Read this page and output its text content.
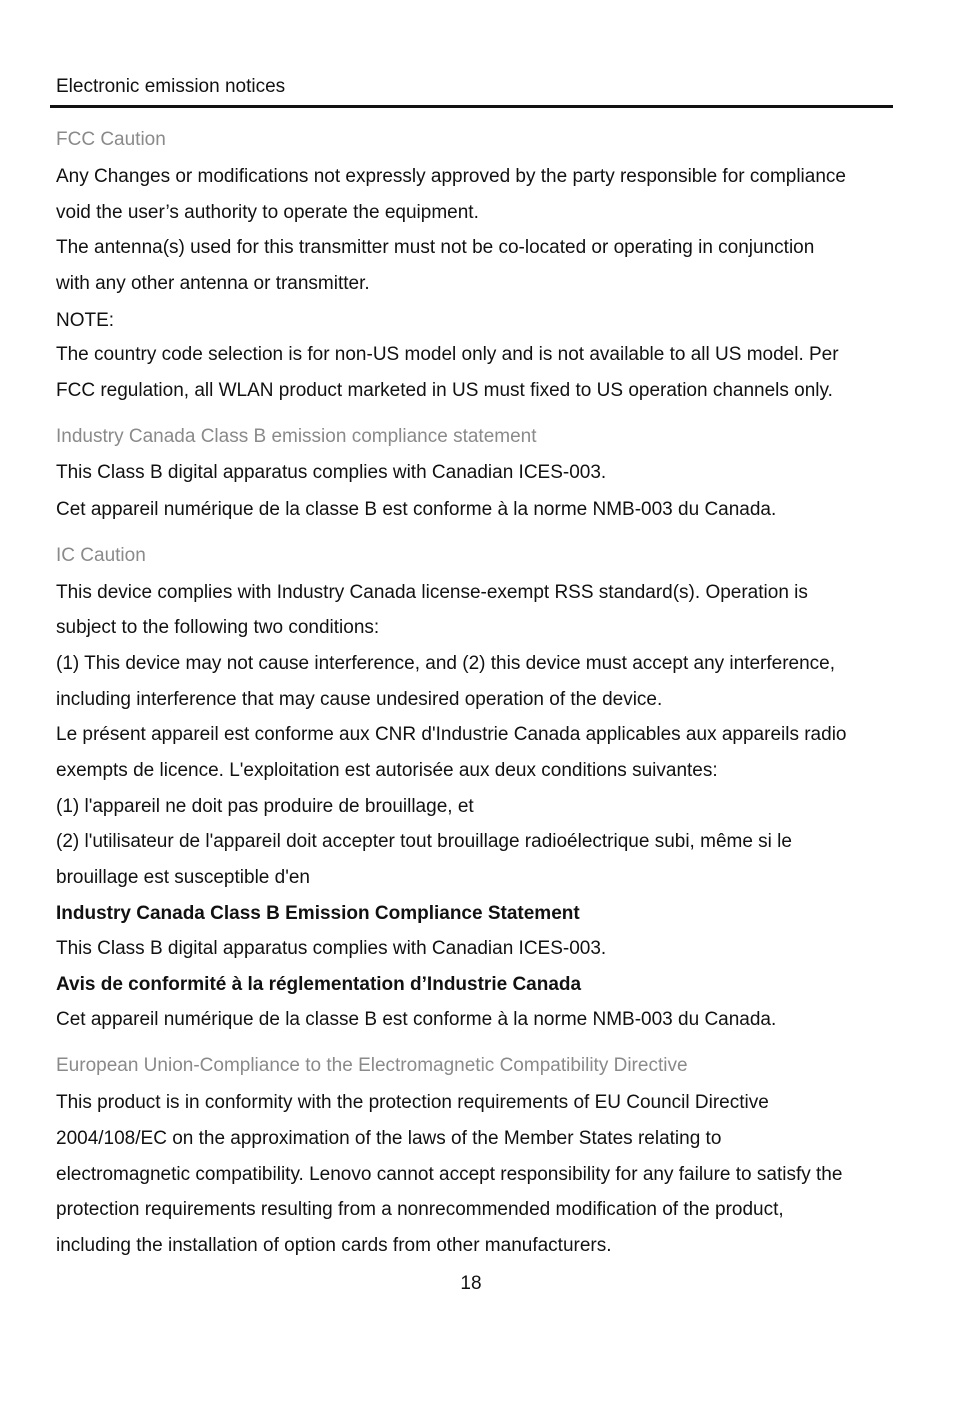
Electronic emission notices
FCC Caution
Any Changes or modifications not expressly approved by the party responsible for compliance
void the user’s authority to operate the equipment.
The antenna(s) used for this transmitter must not be co-located or operating in conjunction
with any other antenna or transmitter.
NOTE:
The country code selection is for non-US model only and is not available to all US model. Per
FCC regulation, all WLAN product marketed in US must fixed to US operation channels only.
Industry Canada Class B emission compliance statement
This Class B digital apparatus complies with Canadian ICES-003.
Cet appareil numérique de la classe B est conforme à la norme NMB-003 du Canada.
IC Caution
This device complies with Industry Canada license-exempt RSS standard(s). Operation is
subject to the following two conditions:
(1) This device may not cause interference, and (2) this device must accept any interference,
including interference that may cause undesired operation of the device.
Le présent appareil est conforme aux CNR d'Industrie Canada applicables aux appareils radio
exempts de licence. L'exploitation est autorisée aux deux conditions suivantes:
(1) l'appareil ne doit pas produire de brouillage, et
(2) l'utilisateur de l'appareil doit accepter tout brouillage radioélectrique subi, même si le
brouillage est susceptible d'en
Industry Canada Class B Emission Compliance Statement
This Class B digital apparatus complies with Canadian ICES-003.
Avis de conformité à la réglementation d’Industrie Canada
Cet appareil numérique de la classe B est conforme à la norme NMB-003 du Canada.
European Union-Compliance to the Electromagnetic Compatibility Directive
This product is in conformity with the protection requirements of EU Council Directive
2004/108/EC on the approximation of the laws of the Member States relating to
electromagnetic compatibility. Lenovo cannot accept responsibility for any failure to satisfy the
protection requirements resulting from a nonrecommended modification of the product,
including the installation of option cards from other manufacturers.
18
